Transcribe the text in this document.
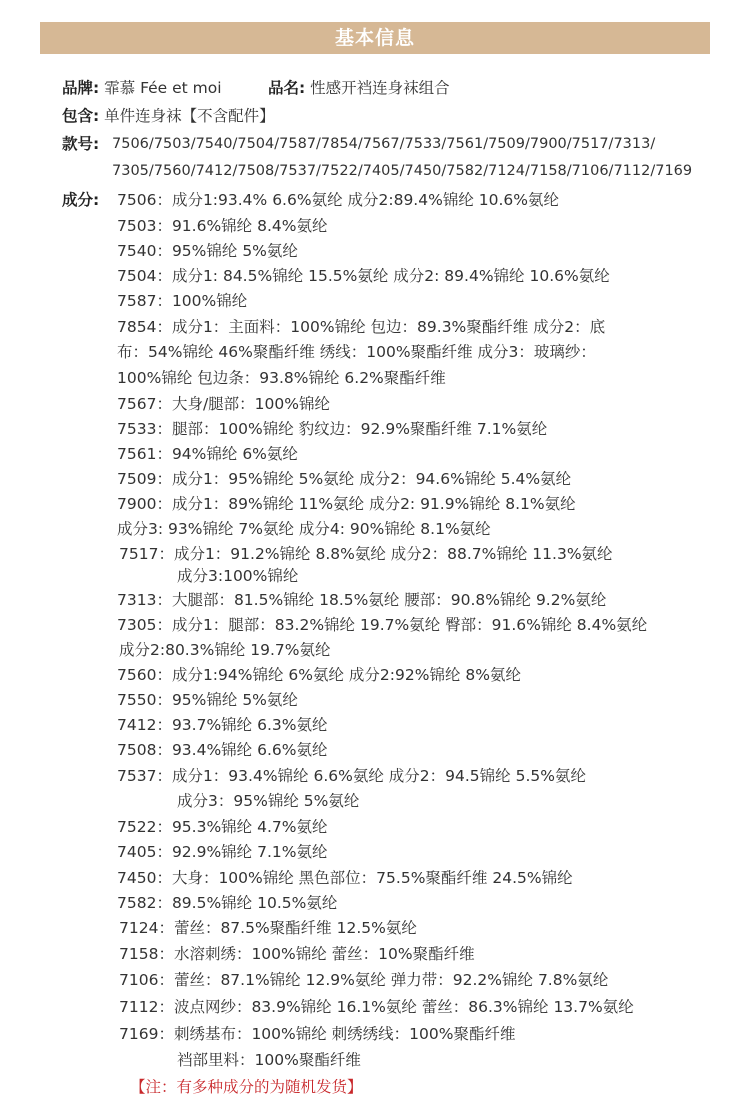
基本信息
品牌: 霏慕 Fée et moi	品名: 性感开裆连身袜组合
包含: 单件连身袜【不含配件】
款号: 7506/7503/7540/7504/7587/7854/7567/7533/7561/7509/7900/7517/7313/
7305/7560/7412/7508/7537/7522/7405/7450/7582/7124/7158/7106/7112/7169
成分: 7506：成分1:93.4% 6.6%氨纶 成分2:89.4%锦纶 10.6%氨纶
7503：91.6%锦纶 8.4%氨纶
7540：95%锦纶 5%氨纶
7504：成分1: 84.5%锦纶 15.5%氨纶 成分2: 89.4%锦纶 10.6%氨纶
7587：100%锦纶
7854：成分1：主面料：100%锦纶 包边：89.3%聚酯纤维 成分2：底
布：54%锦纶 46%聚酯纤维 绣线：100%聚酯纤维 成分3：玻璃纱：
100%锦纶 包边条：93.8%锦纶 6.2%聚酯纤维
7567：大身/腿部：100%锦纶
7533：腿部：100%锦纶 豹纹边：92.9%聚酯纤维 7.1%氨纶
7561：94%锦纶 6%氨纶
7509：成分1：95%锦纶 5%氨纶 成分2：94.6%锦纶 5.4%氨纶
7900：成分1：89%锦纶 11%氨纶 成分2: 91.9%锦纶 8.1%氨纶
成分3: 93%锦纶 7%氨纶 成分4: 90%锦纶 8.1%氨纶
7517：成分1：91.2%锦纶 8.8%氨纶 成分2：88.7%锦纶 11.3%氨纶
成分3:100%锦纶
7313：大腿部：81.5%锦纶 18.5%氨纶 腰部：90.8%锦纶 9.2%氨纶
7305：成分1：腿部：83.2%锦纶 19.7%氨纶 臀部：91.6%锦纶 8.4%氨纶
成分2:80.3%锦纶 19.7%氨纶
7560：成分1:94%锦纶 6%氨纶 成分2:92%锦纶 8%氨纶
7550：95%锦纶 5%氨纶
7412：93.7%锦纶 6.3%氨纶
7508：93.4%锦纶 6.6%氨纶
7537：成分1：93.4%锦纶 6.6%氨纶 成分2：94.5锦纶 5.5%氨纶
成分3：95%锦纶 5%氨纶
7522：95.3%锦纶 4.7%氨纶
7405：92.9%锦纶 7.1%氨纶
7450：大身：100%锦纶 黑色部位：75.5%聚酯纤维 24.5%锦纶
7582：89.5%锦纶 10.5%氨纶
7124：蕾丝：87.5%聚酯纤维 12.5%氨纶
7158：水溶刺绣：100%锦纶 蕾丝：10%聚酯纤维
7106：蕾丝：87.1%锦纶 12.9%氨纶 弹力带：92.2%锦纶 7.8%氨纶
7112：波点网纱：83.9%锦纶 16.1%氨纶 蕾丝：86.3%锦纶 13.7%氨纶
7169：刺绣基布：100%锦纶 刺绣绣线：100%聚酯纤维
裆部里料：100%聚酯纤维
【注：有多种成分的为随机发货】
